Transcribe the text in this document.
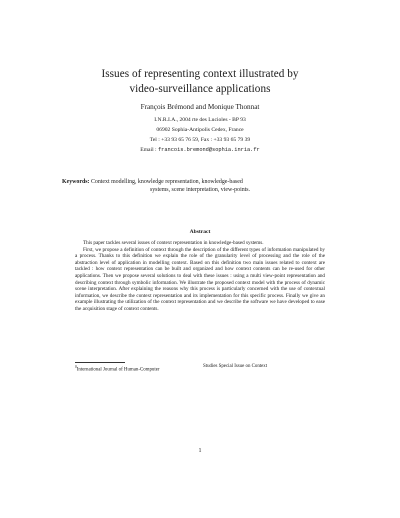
Issues of representing context illustrated by
video-surveillance applications
François Brémond and Monique Thonnat
I.N.R.I.A., 2004 rte des Lucioles - BP 93
06902 Sophia-Antipolis Cedex, France
Tel : +33 93 65 76 59, Fax : +33 93 65 79 39
Email : francois.bremond@sophia.inria.fr
Keywords: Context modelling, knowledge representation, knowledge-based
systems, scene interpretation, view-points.
Abstract

This paper tackles several issues of context representation in knowledge-based systems.

First, we propose a definition of context through the description of the different types of information manipulated by a process. Thanks to this definition we explain the role of the granularity level of processing and the role of the abstraction level of application in modelling context. Based on this definition two main issues related to context are tackled : how context representation can be built and organized and how context contents can be re-used for other applications. Then we propose several solutions to deal with these issues : using a multi view-point representation and describing context through symbolic information. We illustrate the proposed context model with the process of dynamic scene interpretation. After explaining the reasons why this process is particularly concerned with the use of contextual information, we describe the context representation and its implementation for this specific process. Finally we give an example illustrating the utilization of the context representation and we describe the software we have developed to ease the acquisition stage of context contents.

$^0$International Journal of Human-Computer
Studies Special Issue on Context
1
